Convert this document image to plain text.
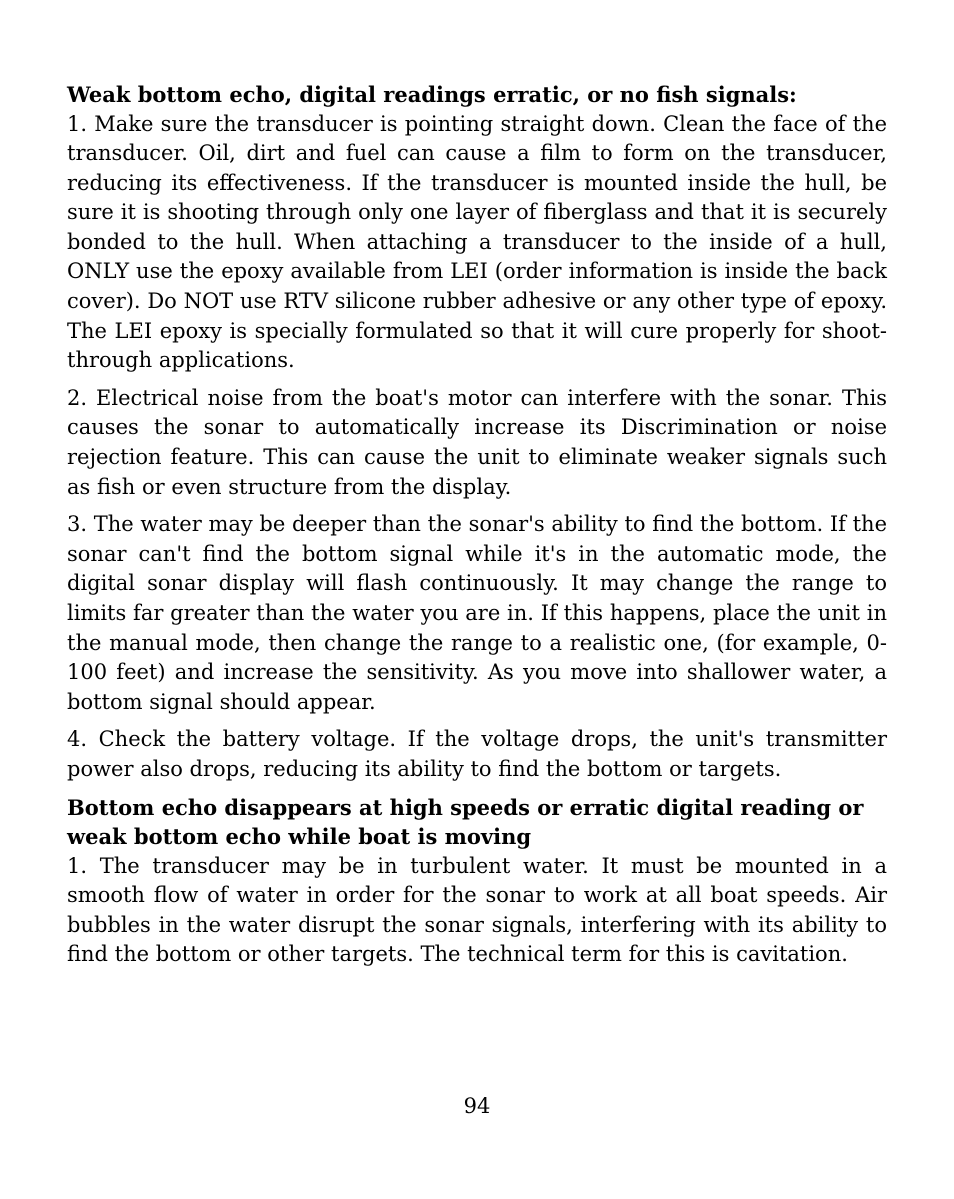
Weak bottom echo, digital readings erratic, or no fish signals:

1. Make sure the transducer is pointing straight down. Clean the face of the transducer. Oil, dirt and fuel can cause a film to form on the transducer, reducing its effectiveness. If the transducer is mounted inside the hull, be sure it is shooting through only one layer of fiberglass and that it is securely bonded to the hull. When attaching a transducer to the inside of a hull, ONLY use the epoxy available from LEI (order information is inside the back cover). Do NOT use RTV silicone rubber adhesive or any other type of epoxy. The LEI epoxy is specially formulated so that it will cure properly for shoot-through applications.

2. Electrical noise from the boat's motor can interfere with the sonar. This causes the sonar to automatically increase its Discrimination or noise rejection feature. This can cause the unit to eliminate weaker signals such as fish or even structure from the display.

3. The water may be deeper than the sonar's ability to find the bottom. If the sonar can't find the bottom signal while it's in the automatic mode, the digital sonar display will flash continuously. It may change the range to limits far greater than the water you are in. If this happens, place the unit in the manual mode, then change the range to a realistic one, (for example, 0-100 feet) and increase the sensitivity. As you move into shallower water, a bottom signal should appear.

4. Check the battery voltage. If the voltage drops, the unit's transmitter power also drops, reducing its ability to find the bottom or targets.

Bottom echo disappears at high speeds or erratic digital reading or weak bottom echo while boat is moving

1. The transducer may be in turbulent water. It must be mounted in a smooth flow of water in order for the sonar to work at all boat speeds. Air bubbles in the water disrupt the sonar signals, interfering with its ability to find the bottom or other targets. The technical term for this is cavitation.

94
